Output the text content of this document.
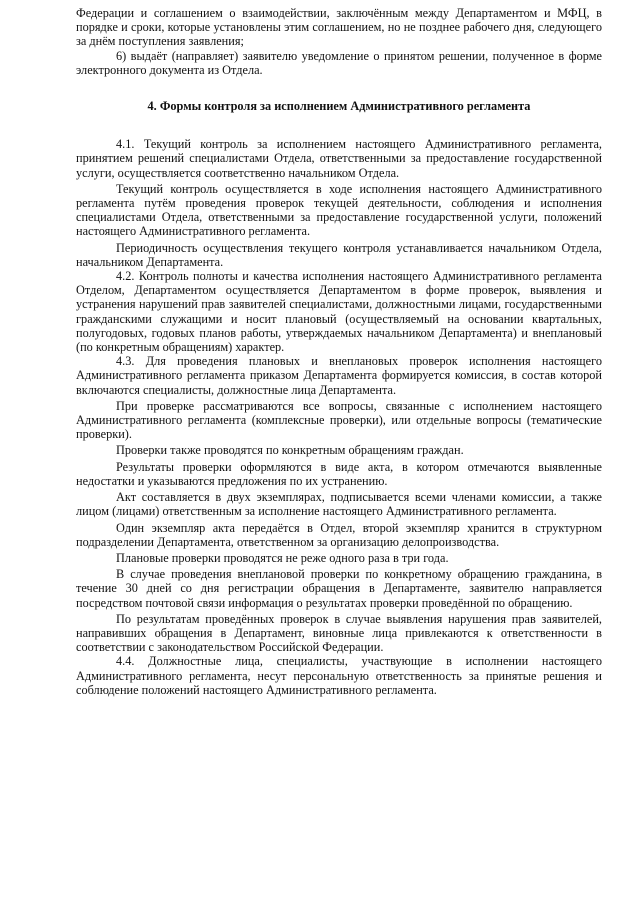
Федерации и соглашением о взаимодействии, заключённым между Департаментом и МФЦ, в порядке и сроки, которые установлены этим соглашением, но не позднее рабочего дня, следующего за днём поступления заявления;

6) выдаёт (направляет) заявителю уведомление о принятом решении, полученное в форме электронного документа из Отдела.

4. Формы контроля за исполнением Административного регламента

4.1. Текущий контроль за исполнением настоящего Административного регламента, принятием решений специалистами Отдела, ответственными за предоставление государственной услуги, осуществляется соответственно начальником Отдела.

Текущий контроль осуществляется в ходе исполнения настоящего Административного регламента путём проведения проверок текущей деятельности, соблюдения и исполнения специалистами Отдела, ответственными за предоставление государственной услуги, положений настоящего Административного регламента.

Периодичность осуществления текущего контроля устанавливается начальником Отдела, начальником Департамента.

4.2. Контроль полноты и качества исполнения настоящего Административного регламента Отделом, Департаментом осуществляется Департаментом в форме проверок, выявления и устранения нарушений прав заявителей специалистами, должностными лицами, государственными гражданскими служащими и носит плановый (осуществляемый на основании квартальных, полугодовых, годовых планов работы, утверждаемых начальником Департамента) и внеплановый (по конкретным обращениям) характер.

4.3. Для проведения плановых и внеплановых проверок исполнения настоящего Административного регламента приказом Департамента формируется комиссия, в состав которой включаются специалисты, должностные лица Департамента.

При проверке рассматриваются все вопросы, связанные с исполнением настоящего Административного регламента (комплексные проверки), или отдельные вопросы (тематические проверки).

Проверки также проводятся по конкретным обращениям граждан.

Результаты проверки оформляются в виде акта, в котором отмечаются выявленные недостатки и указываются предложения по их устранению.

Акт составляется в двух экземплярах, подписывается всеми членами комиссии, а также лицом (лицами) ответственным за исполнение настоящего Административного регламента.

Один экземпляр акта передаётся в Отдел, второй экземпляр хранится в структурном подразделении Департамента, ответственном за организацию делопроизводства.

Плановые проверки проводятся не реже одного раза в три года.

В случае проведения внеплановой проверки по конкретному обращению гражданина, в течение 30 дней со дня регистрации обращения в Департаменте, заявителю направляется посредством почтовой связи информация о результатах проверки проведённой по обращению.

По результатам проведённых проверок в случае выявления нарушения прав заявителей, направивших обращения в Департамент, виновные лица привлекаются к ответственности в соответствии с законодательством Российской Федерации.

4.4. Должностные лица, специалисты, участвующие в исполнении настоящего Административного регламента, несут персональную ответственность за принятые решения и соблюдение положений настоящего Административного регламента.
